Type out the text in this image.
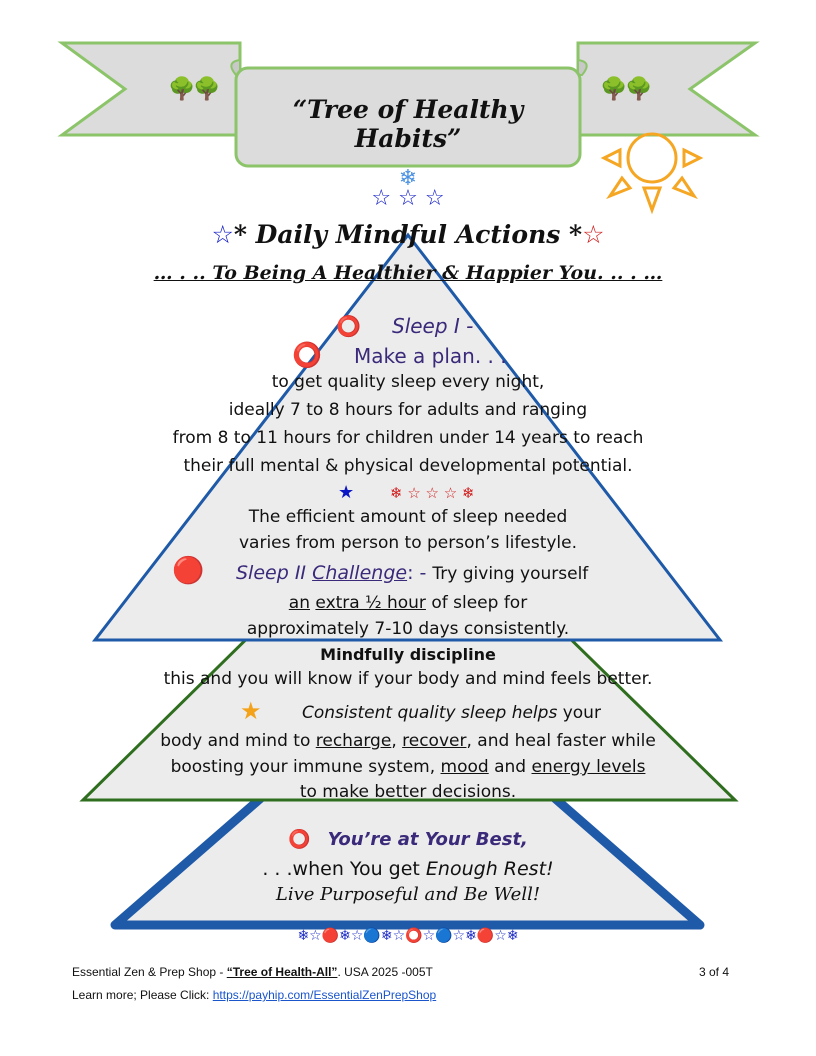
🌳🌳	🌳🌳
“Tree of Healthy Habits”
❄
☆ ☆ ☆
☆* Daily Mindful Actions *☆
… . .. To Being A Healthier & Happier You. .. . …
⭕ Sleep I -
⭕ Make a plan. . .
to get quality sleep every night,
ideally 7 to 8 hours for adults and ranging
from 8 to 11 hours for children under 14 years to reach
their full mental & physical developmental potential.
★ ❄ ☆ ☆ ☆ ❄
The efficient amount of sleep needed
varies from person to person’s lifestyle.
🔴 Sleep II Challenge: - Try giving yourself
an extra ½ hour of sleep for
approximately 7-10 days consistently.
Mindfully discipline
this and you will know if your body and mind feels better.
★ Consistent quality sleep helps your
body and mind to recharge, recover, and heal faster while
boosting your immune system, mood and energy levels
to make better decisions.
⭕ You’re at Your Best,
. . .when You get Enough Rest!
Live Purposeful and Be Well!
❄☆🔴❄☆🔵❄☆⭕☆🔵☆❄🔴☆❄
Essential Zen & Prep Shop - “Tree of Health-All”. USA 2025 -005T	3 of 4
Learn more; Please Click: https://payhip.com/EssentialZenPrepShop
